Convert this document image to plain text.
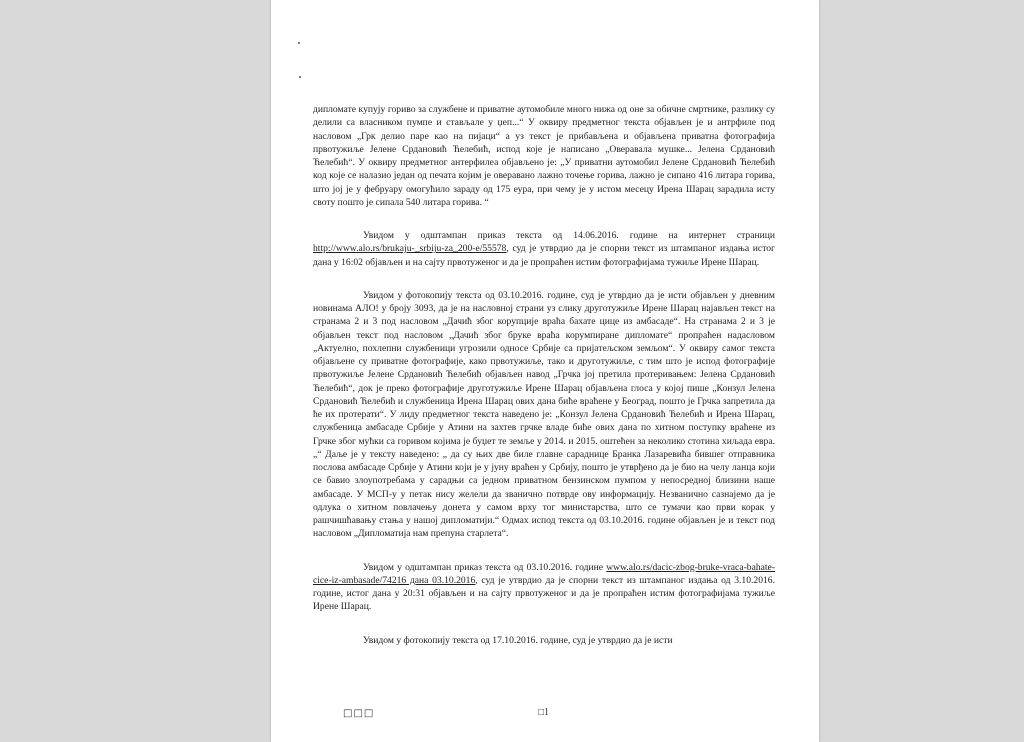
дипломате купују гориво за службене и приватне аутомобиле много нижа од оне за обичне смртнике, разлику су делили са власником пумпе и стављале у џеп...“ У оквиру предметног текста објављен је и антрфиле под насловом „Грк делио паре као на пијаци“ а уз текст је прибављена и објављена приватна фотографија првотужиље Јелене Срдановић Ћелебић, испод које је написано „Оверавала мушке... Јелена Срдановић Ћелебић“. У оквиру предметног антерфилеа објављено је: „У приватни аутомобил Јелене Срдановић Ћелебић код које се налазио један од печата којим је оверавано лажно точење горива, лажно је сипано 416 литара горива, што јој је у фебруару омогућило зараду од 175 еура, при чему је у истом месецу Ирена Шарац зарадила исту своту пошто је сипала 540 литара горива. “

Увидом у одштампан приказ текста од 14.06.2016. године на интернет страници http://www.alo.rs/brukaju-_srbiju-za_200-e/55578, суд је утврдио да је спорни текст из штампаног издања истог дана у 16:02 објављен и на сајту првотуженог и да је пропраћен истим фотографијама тужиље Ирене Шарац.

Увидом у фотокопију текста од 03.10.2016. године, суд је утврдио да је исти објављен у дневним новинама АЛО! у броју 3093, да је на насловној страни уз слику друготужиље Ирене Шарац најављен текст на странама 2 и 3 под насловом „Дачић због корупције враћа бахате цице из амбасаде“. На странама 2 и 3 је објављен текст под насловом „Дачић због бруке враћа корумпиране дипломате“ пропраћен надасловом „Актуелно, похлепни службеници угрозили односе Србије са пријатељском земљом“. У оквиру самог текста објављене су приватне фотографије, како првотужиље, тако и другoтужиље, с тим што је испод фотографије првотужиље Јелене Срдановић Ћелебић објављен навод „Грчка јој претила протеривањем: Јелена Срдановић Ћелебић“, док је преко фотографије друготужиље Ирене Шарац објављена глоса у којој пише „Конзул Јелена Срдановић Ћелебић и службеница Ирена Шарац ових дана биће враћене у Београд, пошто је Грчка запретила да ће их протерати“. У лиду предметног текста наведено је: „Конзул Јелена Срдановић Ћелебић и Ирена Шарац, службеница амбасаде Србије у Атини на захтев грчке владе биће ових дана по хитном поступку враћене из Грчке због мућки са горивом којима је буџет те земље у 2014. и 2015. оштећен за неколико стотина хиљада евра. „“ Даље је у тексту наведено: „ да су њих две биле главне сараднице Бранка Лазаревића бившег отправника послова амбасаде Србије у Атини који је у јуну враћен у Србију, пошто је утврђено да је био на челу ланца који се бавио злоупотребама у сарадњи са једном приватном бензинском пумпом у непосредној близини наше амбасаде. У МСП-у у петак нису желели да званично потврде ову информацију. Незванично сазнајемо да је одлука о хитном повлачењу донета у самом врху тог министарства, што се тумачи као први корак у рашчишћавању стања у нашој дипломатији.“ Одмах испод текста од 03.10.2016. године објављен је и текст под насловом „Дипломатија нам препуна старлета“.

Увидом у одштампан приказ текста од 03.10.2016. године www.alo.rs/dacic-zbog-bruke-vraca-bahate-cice-iz-ambasade/74216 дана 03.10.2016, суд је утврдио да је спорни текст из штампаног издања од 3.10.2016. године, истог дана у 20:31 објављен и на сајту првотуженог и да је пропраћен истим фотографијама тужиље Ирене Шарац.

Увидом у фотокопију текста од 17.10.2016. године, суд је утврдио да је исти

□□□	□1
